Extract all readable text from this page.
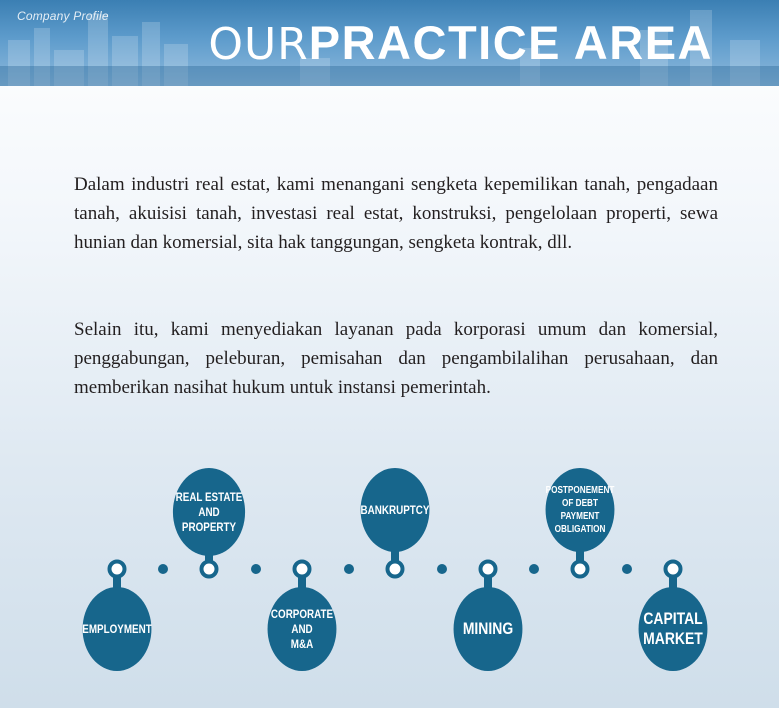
Company Profile
OURPRACTICE AREA

Dalam industri real estat, kami menangani sengketa kepemilikan tanah, pengadaan tanah, akuisisi tanah, investasi real estat, konstruksi, pengelolaan properti, sewa hunian dan komersial, sita hak tanggungan, sengketa kontrak, dll.

Selain itu, kami menyediakan layanan pada korporasi umum dan komersial, penggabungan, peleburan, pemisahan dan pengambilalihan perusahaan, dan memberikan nasihat hukum untuk instansi pemerintah.

EMPLOYMENT
REAL ESTATE
AND
PROPERTY
CORPORATE
AND
M&A
BANKRUPTCY
MINING
POSTPONEMENT
OF DEBT PAYMENT
OBLIGATION
CAPITAL
MARKET
